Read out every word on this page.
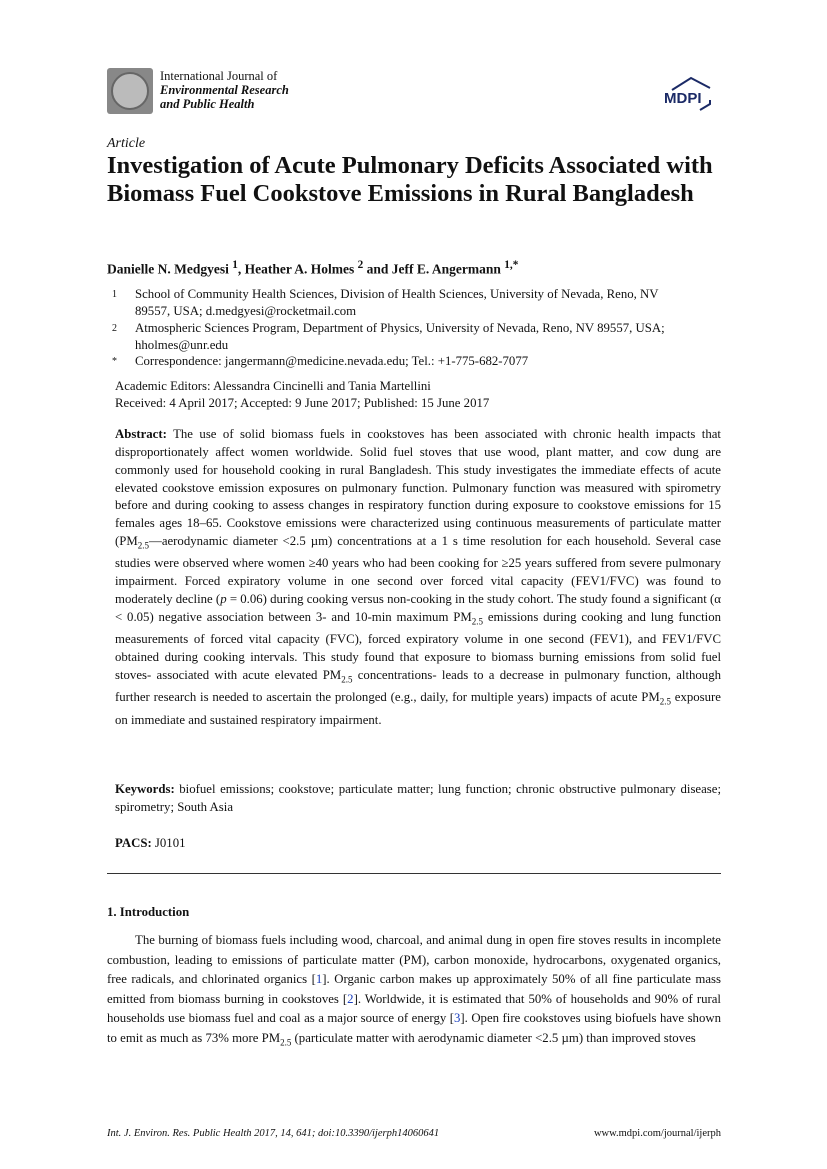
International Journal of
Environmental Research
and Public Health	MDPI
Article
Investigation of Acute Pulmonary Deficits Associated with Biomass Fuel Cookstove Emissions in Rural Bangladesh
Danielle N. Medgyesi $^1$, Heather A. Holmes $^2$ and Jeff E. Angermann $^{1,*}$
1 School of Community Health Sciences, Division of Health Sciences, University of Nevada, Reno, NV 89557, USA; d.medgyesi@rocketmail.com
2 Atmospheric Sciences Program, Department of Physics, University of Nevada, Reno, NV 89557, USA; hholmes@unr.edu
* Correspondence: jangermann@medicine.nevada.edu; Tel.: +1-775-682-7077
Academic Editors: Alessandra Cincinelli and Tania Martellini
Received: 4 April 2017; Accepted: 9 June 2017; Published: 15 June 2017
Abstract: The use of solid biomass fuels in cookstoves has been associated with chronic health impacts that disproportionately affect women worldwide. Solid fuel stoves that use wood, plant matter, and cow dung are commonly used for household cooking in rural Bangladesh. This study investigates the immediate effects of acute elevated cookstove emission exposures on pulmonary function. Pulmonary function was measured with spirometry before and during cooking to assess changes in respiratory function during exposure to cookstove emissions for 15 females ages 18–65. Cookstove emissions were characterized using continuous measurements of particulate matter ($PM_{2.5}—aerodynamic$ diameter <2.5 µm) concentrations at a 1 s time resolution for each household. Several case studies were observed where women ≥40 years who had been cooking for ≥25 years suffered from severe pulmonary impairment. Forced expiratory volume in one second over forced vital capacity (FEV1/FVC) was found to moderately decline (p = 0.06) during cooking versus non-cooking in the study cohort. The study found a significant (α < 0.05) negative association between 3- and 10-min maximum $PM_{2.5}$ emissions during cooking and lung function measurements of forced vital capacity (FVC), forced expiratory volume in one second (FEV1), and FEV1/FVC obtained during cooking intervals. This study found that exposure to biomass burning emissions from solid fuel stoves- associated with acute elevated $PM_{2.5}$ concentrations- leads to a decrease in pulmonary function, although further research is needed to ascertain the prolonged (e.g., daily, for multiple years) impacts of acute $PM_{2.5}$ exposure on immediate and sustained respiratory impairment.
Keywords: biofuel emissions; cookstove; particulate matter; lung function; chronic obstructive pulmonary disease; spirometry; South Asia
PACS: J0101
1. Introduction
The burning of biomass fuels including wood, charcoal, and animal dung in open fire stoves results in incomplete combustion, leading to emissions of particulate matter (PM), carbon monoxide, hydrocarbons, oxygenated organics, free radicals, and chlorinated organics [1]. Organic carbon makes up approximately 50% of all fine particulate mass emitted from biomass burning in cookstoves [2]. Worldwide, it is estimated that 50% of households and 90% of rural households use biomass fuel and coal as a major source of energy [3]. Open fire cookstoves using biofuels have shown to emit as much as 73% more $PM_{2.5}$ (particulate matter with aerodynamic diameter <2.5 µm) than improved stoves
Int. J. Environ. Res. Public Health 2017, 14, 641; doi:10.3390/ijerph14060641	www.mdpi.com/journal/ijerph
